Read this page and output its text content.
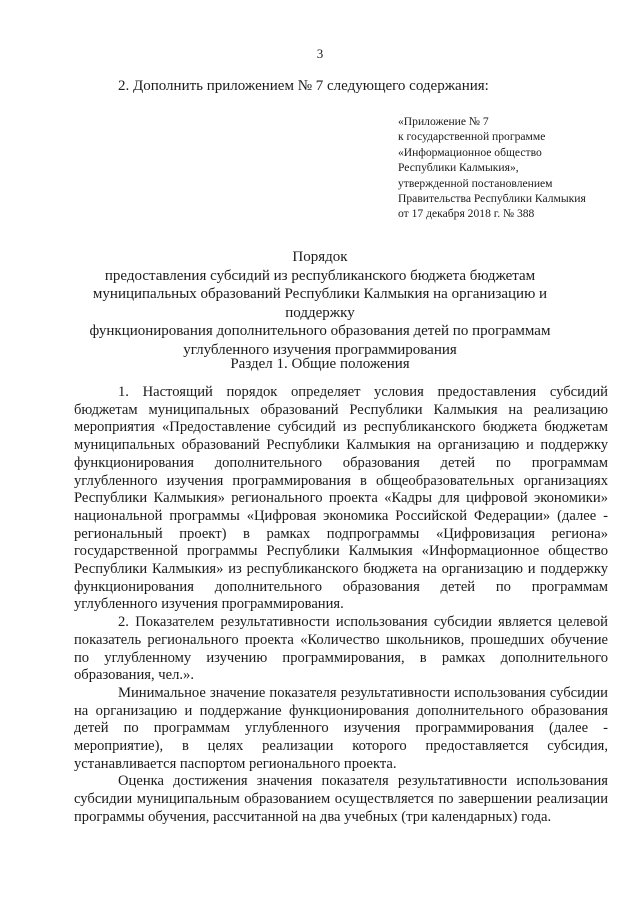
3
2. Дополнить приложением № 7 следующего содержания:
«Приложение № 7
к государственной программе
«Информационное общество
Республики Калмыкия»,
утвержденной постановлением
Правительства Республики Калмыкия
от 17 декабря 2018 г. № 388
Порядок
предоставления субсидий из республиканского бюджета бюджетам
муниципальных образований Республики Калмыкия на организацию и поддержку
функционирования дополнительного образования детей по программам
углубленного изучения программирования
Раздел 1. Общие положения

1. Настоящий порядок определяет условия предоставления субсидий бюджетам муниципальных образований Республики Калмыкия на реализацию мероприятия «Предоставление субсидий из республиканского бюджета бюджетам муниципальных образований Республики Калмыкия на организацию и поддержку функционирования дополнительного образования детей по программам углубленного изучения программирования в общеобразовательных организациях Республики Калмыкия» регионального проекта «Кадры для цифровой экономики» национальной программы «Цифровая экономика Российской Федерации» (далее - региональный проект) в рамках подпрограммы «Цифровизация региона» государственной программы Республики Калмыкия «Информационное общество Республики Калмыкия» из республиканского бюджета на организацию и поддержку функционирования дополнительного образования детей по программам углубленного изучения программирования.

2. Показателем результативности использования субсидии является целевой показатель регионального проекта «Количество школьников, прошедших обучение по углубленному изучению программирования, в рамках дополнительного образования, чел.».

Минимальное значение показателя результативности использования субсидии на организацию и поддержание функционирования дополнительного образования детей по программам углубленного изучения программирования (далее - мероприятие), в целях реализации которого предоставляется субсидия, устанавливается паспортом регионального проекта.

Оценка достижения значения показателя результативности использования субсидии муниципальным образованием осуществляется по завершении реализации программы обучения, рассчитанной на два учебных (три календарных) года.
